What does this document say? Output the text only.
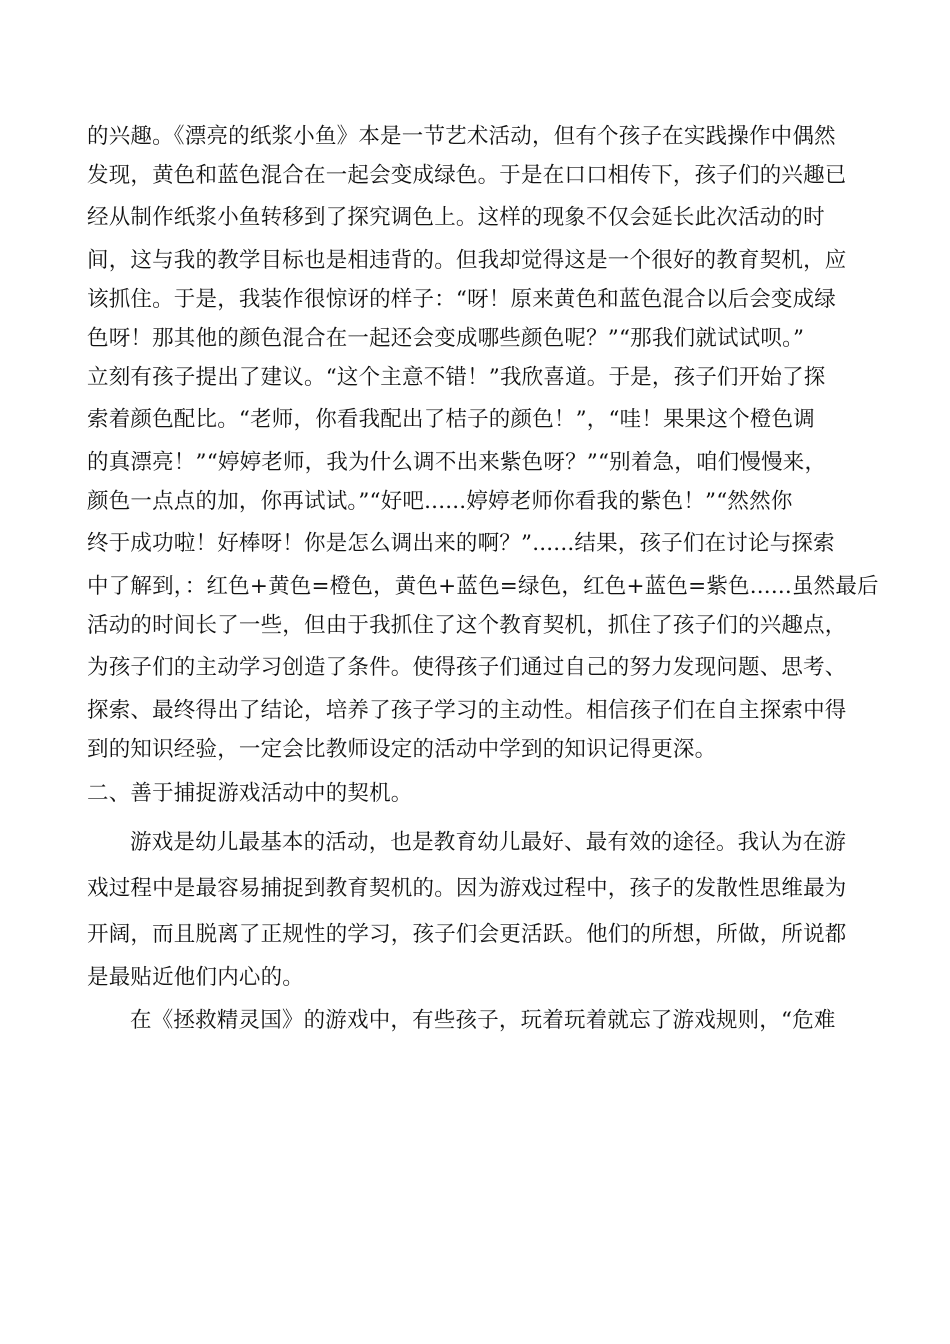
的兴趣。《漂亮的纸浆小鱼》本是一节艺术活动，但有个孩子在实践操作中偶然
发现，黄色和蓝色混合在一起会变成绿色。于是在口口相传下，孩子们的兴趣已
经从制作纸浆小鱼转移到了探究调色上。这样的现象不仅会延长此次活动的时
间，这与我的教学目标也是相违背的。但我却觉得这是一个很好的教育契机，应
该抓住。于是，我装作很惊讶的样子：“呀！原来黄色和蓝色混合以后会变成绿
色呀！那其他的颜色混合在一起还会变成哪些颜色呢？”“那我们就试试呗。”
立刻有孩子提出了建议。“这个主意不错！”我欣喜道。于是，孩子们开始了探
索着颜色配比。“老师，你看我配出了桔子的颜色！”，“哇！果果这个橙色调
的真漂亮！”“婷婷老师，我为什么调不出来紫色呀？”“别着急，咱们慢慢来，
颜色一点点的加，你再试试。”“好吧......婷婷老师你看我的紫色！”“然然你
终于成功啦！好棒呀！你是怎么调出来的啊？”......结果，孩子们在讨论与探索
中了解到，：红色+黄色=橙色，黄色+蓝色=绿色，红色+蓝色=紫色......虽然最后
活动的时间长了一些，但由于我抓住了这个教育契机，抓住了孩子们的兴趣点，
为孩子们的主动学习创造了条件。使得孩子们通过自己的努力发现问题、思考、
探索、最终得出了结论，培养了孩子学习的主动性。相信孩子们在自主探索中得
到的知识经验，一定会比教师设定的活动中学到的知识记得更深。
二、善于捕捉游戏活动中的契机。
游戏是幼儿最基本的活动，也是教育幼儿最好、最有效的途径。我认为在游
戏过程中是最容易捕捉到教育契机的。因为游戏过程中，孩子的发散性思维最为
开阔，而且脱离了正规性的学习，孩子们会更活跃。他们的所想，所做，所说都
是最贴近他们内心的。
在《拯救精灵国》的游戏中，有些孩子，玩着玩着就忘了游戏规则，“危难
